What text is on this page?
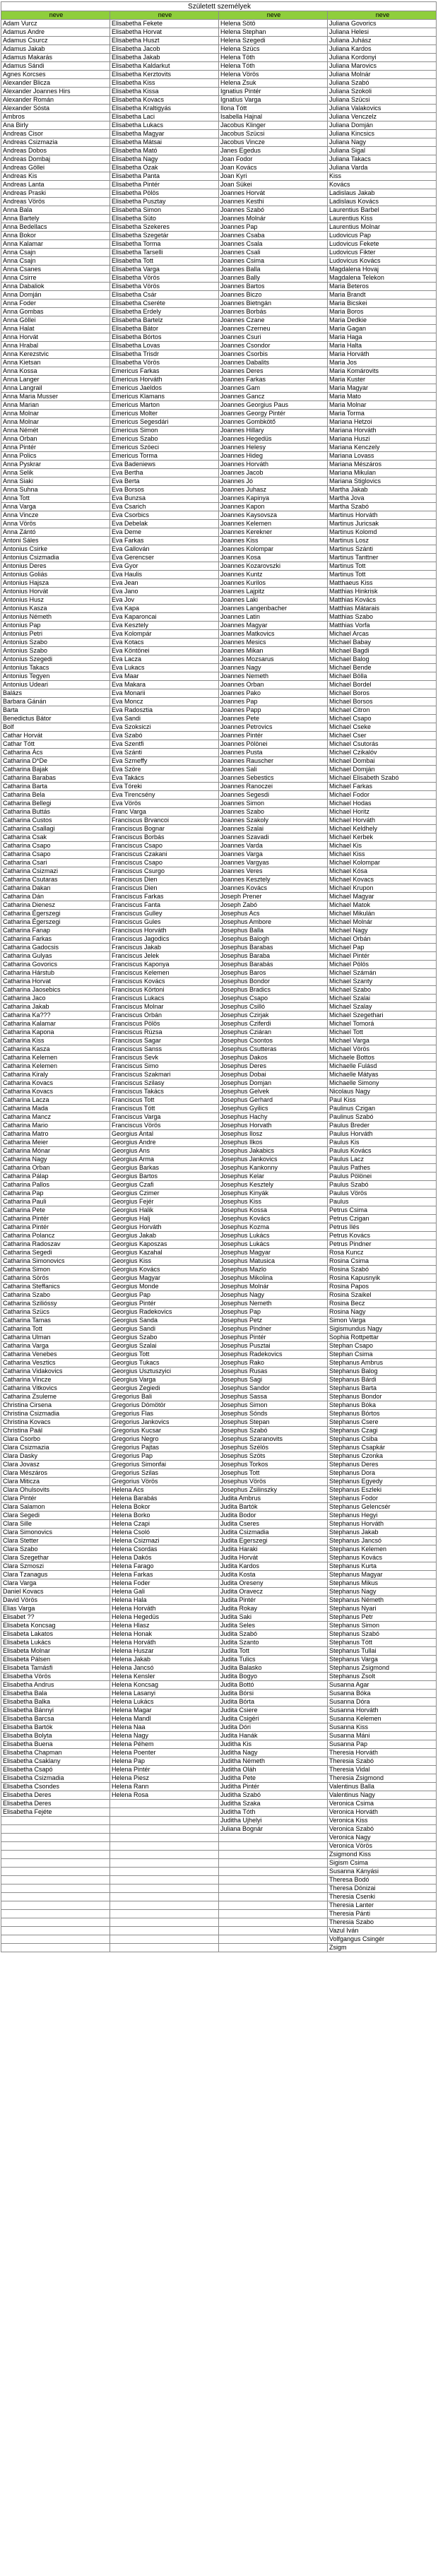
Született személyek			
neve	neve	neve	neve
Adam Vurcz	Elisabetha Fekete	Helena Sötö	Juliana Govorics
Adamus Andre	Elisabetha Horvat	Helena Stephan	Juliana Helesi
Adamus Csurcz	Elisabetha Huszt	Helena Szegedi	Juliana Juhász
Adamus Jakab	Elisabetha Jacob	Helena Szücs	Juliana Kardos
Adamus Makarás	Elisabetha Jakab	Helena Töth	Juliana Kordonyi
Adamus Sándi	Elisabetha Kaldarkut	Helena Tóth	Juliana Marovics
Agnes Korcses	Elisabetha Kerztovits	Helena Vörös	Juliana Molnár
Alexander Blicza	Elisabetha Kiss	Helena Zsuk	Juliana Szabó
Alexander Joannes Hirs	Elisabetha Kissa	Ignatius Pintér	Juliana Szokoli
Alexander Román	Elisabetha Kovacs	Ignatius Varga	Juliana Szücsi
Alexander Sósta	Elisabetha Kraltigyás	Ilona Tótt	Juliana Valakovics
Ambros	Elisabetha Laci	Isabella Hajnal	Juliana Venczelz
Ana Birly	Elisabetha Lukacs	Jacobus Klinger	Juliana Domján
Andreas Cisor	Elisabetha Magyar	Jacobus Szücsi	Juliana Kincsics
Andreas Csizmazia	Elisabetha Mátsai	Jacobus Vincze	Juliana Nagy
Andreas Dobos	Elisabetha Mató	Janes Egedus	Juliana Sigal
Andreas Dombaj	Elisabetha Nagy	Joan Fodor	Juliana Takacs
Andreas Göllei	Elisabetha Ozak	Joan Kovács	Juliana Varda
Andreas Kis	Elisabetha Panta	Joan Kyri	Kiss
Andreas Lanta	Elisabetha Pintér	Joan Sükei	Kovács
Andreas Praski	Elisabetha Pölös	Joannes Horvát	Ladislaus Jakab
Andreas Vörös	Elisabetha Pusztay	Joannes Kesthi	Ladislaus Kovács
Anna Bala	Elisabetha Simon	Joannes Szabó	Laurentius Barbel
Anna Bartely	Elisabetha Süto	Joannes Molnár	Laurentius Kiss
Anna Bedellacs	Elisabetha Szekeres	Joannes Pap	Laurentius Molnar
Anna Bokor	Elisabetha Szegetár	Joannes Csaba	Ludovicus Pap
Anna Kalamar	Elisabetha Torma	Joannes Csala	Ludovicus Fekete
Anna Csajn	Elisabetha Tarselli	Joannes Csali	Ludovicus Fikter
Anna Csajn	Elisabetha Tott	Joannes Csima	Ludovicus Kovács
Anna Csanes	Elisabetha Varga	Joannes Balla	Magdalena Hovaj
Anna Csirre	Elisabetha Vörös	Joannes Bally	Magdalena Telekon
Anna Dabaliok	Elisabetha Vörös	Joannes Bartos	Maria Beteros
Anna Domján	Elisabetha Csár	Joannes Biczo	Maria Brandt
Anna Foder	Elisabetha Cseréte	Joannes Bietngán	Maria Bicskei
Anna Gombas	Elisabetha Erdely	Joannes Borbás	Maria Boros
Anna Göllei	Elisabetha Bartelz	Joannes Czane	Maria Dedkie
Anna Halat	Elisabetha Bátor	Joannes Czerneu	Maria Gagan
Anna Horvát	Elisabetha Bórtos	Joannes Csuri	Maria Haga
Anna Hrabal	Elisabetha Lovas	Joannes Csondor	Maria Halta
Anna Kerezstvic	Elisabetha Trisdr	Joannes Csorbis	Maria Horváth
Anna Kietsan	Elisabetha Vörös	Joannes Dabalits	Maria Jos
Anna Kossa	Emericus Farkas	Joannes Deres	Maria Komárovits
Anna Langer	Emericus Horváth	Joannes Farkas	Maria Kuster
Anna Langrail	Emericus Jaeldos	Joannes Gam	Maria Magyar
Anna Maria Musser	Emericus Klamans	Joannes Gancz	Maria Mato
Anna Marian	Emericus Marton	Joannes Georgius Paus	Maria Molnar
Anna Molnar	Emericus Molter	Joannes Georgy Pintér	Maria Torma
Anna Molnar	Emericus Segesdári	Joannes Gombkötő	Mariana Hetzoi
Anna Némét	Emericus Simon	Joannes Hillary	Mariana Horváth
Anna Orban	Emericus Szabo	Joannes Hegedüs	Mariana Huszi
Anna Pintér	Emericus Szöeci	Joannes Helesy	Mariana Kenczely
Anna Polics	Emericus Torma	Joannes Hideg	Mariana Lovass
Anna Pyskrar	Eva Badeniews	Joannes Horváth	Mariana Mészáros
Anna Selik	Eva Bertha	Joannes Jacob	Mariana Mikulan
Anna Siaki	Eva Berta	Joannes Jó	Mariana Stiglovics
Anna Suhna	Eva Borsos	Joannes Juhasz	Martha Jakab
Anna Tott	Eva Bunzsa	Joannes Kapinya	Martha Jova
Anna Varga	Eva Csarich	Joannes Kapon	Martha Szabó
Anna Vincze	Eva Csorbics	Joannes Kaysovsza	Martinus Horváth
Anna Vörös	Eva Debelak	Joannes Kelemen	Martinus Juricsak
Anna Zántó	Eva Deme	Joannes Kerekner	Martinus Kolomd
Antoni Sáles	Eva Farkas	Joannes Kiss	Martinus Losz
Antonius Csirke	Eva Gallován	Joannes Kolompar	Martinus Szánti
Antonius Csizmadia	Eva Gerencser	Joannes Kosa	Martinus Tanttner
Antonius Deres	Eva Gyor	Joannes Kozarovszki	Martinus Tott
Antonius Goliás	Eva Haulis	Joannes Kuntz	Martinus Tott
Antonius Hajsza	Eva Jean	Joannes Kurilos	Matthaeus Kiss
Antonius Horvát	Eva Jano	Joannes Lajpitz	Matthias Hinkrisk
Antonius Husz	Eva Jov	Joannes Laki	Matthias Kovács
Antonius Kasza	Eva Kapa	Joannes Langenbacher	Matthias Mátarais
Antonius Németh	Eva Kaparoncai	Joannes Latin	Matthias Szabo
Antonius Pap	Eva Kesztely	Joannes Magyar	Matthias Vorfa
Antonius Petri	Eva Kolompár	Joannes Matkovics	Michael Arcas
Antonius Szabo	Eva Kotacs	Joannes Mesics	Michael Babay
Antonius Szabo	Eva Köntönei	Joannes Mikan	Michael Bagdi
Antonius Szegedi	Eva Lacza	Joannes Mozsarus	Michael Balog
Antonius Takacs	Eva Lukacs	Joannes Nagy	Michael Bende
Antonius Tegyen	Eva Maar	Joannes Nemeth	Michael Bölla
Antonius Udeari	Eva Makara	Joannes Orban	Michael Bordel
Balázs	Eva Monarii	Joannes Pako	Michael Boros
Barbara Gánán	Eva Moncz	Joannes Pap	Michael Borsos
Barta	Eva Radosztia	Joannes Papp	Michael Citron
Benedictus Bátor	Eva Sandi	Joannes Pete	Michael Csapo
Bolf	Eva Szoksiczi	Joannes Petrovics	Michael Cseke
Cathar Horvát	Eva Szabó	Joannes Pintér	Michael Cser
Cathar Tótt	Eva Szentfi	Joannes Pölönei	Michael Csutorás
Catharina Ács	Eva Szánti	Joannes Pusta	Michael Czikalóv
Catharina D*De	Eva Szmeffy	Joannes Rauscher	Michael Dombai
Catharina Bajak	Eva Szöre	Joannes Sali	Michael Domján
Catharina Barabas	Eva Takács	Joannes Sebestics	Michael Elisabeth Szabó
Catharina Barta	Eva Tóreki	Joannes Ranoczei	Michael Farkas
Catharina Bela	Eva Tirencsény	Joannes Segesdi	Michael Fodor
Catharina Bellegi	Eva Vörös	Joannes Simon	Michael Hodas
Catharina Buttás	Franc Varga	Joannes Szabo	Michael Horitz
Catharina Custos	Franciscus Brvancoi	Joannes Szakoly	Michael Horváth
Catharina Csallagi	Franciscus Bognar	Joannes Szalai	Michael Keldhely
Catharina Csak	Franciscus Borbás	Joannes Szavadi	Michael Kerbek
Catharina Csapo	Franciscus Csapo	Joannes Varda	Michael Kis
Catharina Csapo	Franciscus Czakani	Joannes Varga	Michael Kiss
Catharina Csari	Franciscus Csapo	Joannes Vargyas	Michael Kolompar
Catharina Csizmazi	Franciscus Csurgo	Joannes Veres	Michael Kósa
Catharina Csutaras	Franciscus Dien	Joannes Kesztely	Michael Kovacs
Catharina Dakan	Franciscus Dien	Joannes Kovács	Michael Krupon
Catharina Dán	Franciscus Farkas	Joseph Prener	Michael Magyar
Catharina Dienesz	Franciscus Fanta	Joseph Zabó	Michael Matok
Catharina Égerszegi	Franciscus Gulley	Josephus Acs	Michael Mikulán
Catharina Égerszegi	Franciscus Gules	Josephus Ambore	Michael Molnár
Catharina Fanap	Franciscus Horváth	Josephus Balla	Michael Nagy
Catharina Farkas	Franciscus Jagodics	Josephus Balogh	Michael Orbán
Catharina Gadocsis	Franciscus Jakab	Josephus Barabas	Michael Pap
Catharina Gulyas	Franciscus Jelek	Josephus Baraba	Michael Pintér
Catharina Govorics	Franciscus Kaponya	Josephus Barabás	Michael Pölös
Catharina Hárstub	Franciscus Kelemen	Josephus Baros	Michael Számán
Catharina Horvat	Franciscus Kovács	Josephus Bondor	Michael Szanty
Catharina Jaosebics	Franciscus Körtoni	Josephus Bradics	Michael Szabo
Catharina Jaco	Franciscus Lukacs	Josephus Csapo	Michael Szalai
Catharina Jakab	Franciscus Molnar	Josephus Csilló	Michael Szalay
Catharina Ka???	Franciscus Orbán	Josephus Czirjak	Michael Szegethari
Catharina Kalamar	Franciscus Pölös	Josephus Cziferdi	Michael Tomorá
Catharina Kapona	Franciscus Rúzsa	Josephus Cziáran	Michael Tott
Catharina Kiss	Franciscus Sagar	Josephus Csontos	Michael Varga
Catharina Kasza	Franciscus Sanss	Josephus Csutteras	Michael Vörös
Catharina Kelemen	Franciscus Sevk	Josephus Dakos	Michaele Bottos
Catharina Kelemen	Franciscus Simo	Josephus Deres	Michaelle Fulásd
Catharina Kiraly	Franciscus Szakmari	Josephus Dobai	Michaelle Mátyas
Catharina Kovacs	Franciscus Szilasy	Josephus Domjan	Michaelle Simony
Catharina Kovacs	Franciscus Takács	Josephus Gelvek	Nicolaus Nagy
Catharina Lacza	Franciscus Tott	Josephus Gerhard	Paul Kiss
Catharina Mada	Franciscus Tótt	Josephus Gyilics	Paulinus Czigan
Catharina Mancz	Franciscus Varga	Josephus Hachy	Paulinus Szabó
Catharina Mario	Franciscus Vörös	Josephus Horvath	Paulus Breder
Catharina Matro	Georgius Antal	Josephus Ilosz	Paulus Horváth
Catharina Meier	Georgius Andre	Josephus Ilkos	Paulus Kis
Catharina Mónar	Georgius Ans	Josephus Jakabics	Paulus Kovács
Catharina Nagy	Georgius Arma	Josephus Jankovics	Paulus Lacz
Catharina Orban	Georgius Barkas	Josephus Kankonny	Paulus Pathes
Catharina Pálap	Georgius Bartos	Josephus Kelar	Paulus Pölönei
Catharina Pallos	Georgius Czafi	Josephus Kesztely	Paulus Szabó
Catharina Pap	Georgius Czimer	Josephus Kinyák	Paulus Vörös
Catharina Pauli	Georgius Fejér	Josephus Kiss	Paulus
Catharina Pete	Georgius Halik	Josephus Kossa	Petrus Csima
Catharina Pintér	Georgius Halj	Josephus Kovács	Petrus Czigan
Catharina Pintér	Georgius Horváth	Josephus Kozma	Petrus Ilés
Catharina Polancz	Georgius Jakab	Josephus Lukács	Petrus Kovács
Catharina Radoszav	Georgius Kaposzas	Josephus Lukács	Petrus Pindner
Catharina Segedi	Georgius Kazahal	Josephus Magyar	Rosa Kuncz
Catharina Simonovics	Georgius Kiss	Josephus Matusica	Rosina Csima
Catharina Simon	Georgius Kovács	Josephus Mazlo	Rosina Szabó
Catharina Sörös	Georgius Magyar	Josephus Mikolina	Rosina Kapusnyik
Catharina Steffanics	Georgius Monde	Josephus Molnár	Rosina Papos
Catharina Szabo	Georgius Pap	Josephus Nagy	Rosina Szaikel
Catharina Szilióssy	Georgius Pintér	Josephus Nemeth	Rosina Becz
Catharina Szücs	Georgius Radekovics	Josephus Pap	Rosina Nagy
Catharina Tamas	Georgius Sanda	Josephus Petz	Simon Varga
Catharina Tott	Georgius Sandi	Josephus Pindner	Sigismundus Nagy
Catharina Ulman	Georgius Szabo	Josephus Pintér	Sophia Rottpettar
Catharina Varga	Georgius Szalai	Josephus Pusztai	Stephan Csapo
Catharina Venebes	Georgius Tott	Josephus Radekovics	Stephan Csima
Catharina Vesztics	Georgius Tukacs	Josephus Rako	Stephanus Ambrus
Catharina Vidakovics	Georgius Usztuszyici	Josephus Rusas	Stephanus Balog
Catharina Vincze	Georgius Varga	Josephus Sagi	Stephanus Bárdi
Catharina Vitkovics	Georgius Zegiedi	Josephus Sandor	Stephanus Barta
Catharina Zsuleme	Gregorius Bali	Josephus Sassa	Stephanus Bondor
Christina Cirsena	Gregorius Dömötör	Josephus Simon	Stephanus Bóka
Christina Csizmadia	Gregorius Flas	Josephus Sónds	Stephanus Bórtos
Christina Kovacs	Gregorius Jankovics	Josephus Stepan	Stephanus Csere
Christina Paál	Gregorius Kucsar	Josephus Szabó	Stephanus Czagi
Clara Csorbo	Gregorius Negro	Josephus Szaranovits	Stephanus Csiba
Clara Csizmazia	Gregorius Pajtas	Josephus Szélós	Stephanus Csapkár
Clara Dasky	Gregorius Pap	Josephus Szöts	Stephanus Czonka
Clara Jovasz	Gregorius Simonfai	Josephus Torkos	Stephanus Deres
Clara Mészáros	Gregorius Szilas	Josephus Tott	Stephanus Dora
Clara Miticza	Gregorius Vörös	Josephus Vörös	Stephanus Egyedy
Clara Ohulsovits	Helena Acs	Josephus Zsilinszky	Stephanus Eszleki
Clara Pintér	Helena Barabás	Judita Ambrus	Stephanus Fodor
Clara Salamon	Helena Bokor	Judita Bartók	Stephanus Gelencsér
Clara Segedi	Helena Borko	Judita Bodor	Stephanus Hegyi
Clara Sille	Helena Czapi	Judita Cseres	Stephanus Horváth
Clara Simonovics	Helena Csoló	Judita Csizmadia	Stephanus Jakab
Clara Stetter	Helena Csizmazi	Judita Egerszegi	Stephanus Jancsó
Clara Szabo	Helena Csordas	Judita Haraki	Stephanus Kelemen
Clara Szegethar	Helena Dakós	Judita Horvát	Stephanus Kovács
Clara Szmoszi	Helena Farago	Judita Kardos	Stephanus Kurta
Clara Tzanagus	Helena Farkas	Judita Kosta	Stephanus Magyar
Clara Varga	Helena Foder	Judita Oreseny	Stephanus Mikus
Daniel Kovacs	Helena Gali	Judita Oravecz	Stephanus Nagy
David Vörös	Helena Hala	Judita Pintér	Stephanus Németh
Elias Varga	Helena Horváth	Judita Rokay	Stephanus Nyari
Elisabet ??	Helena Hegedüs	Judita Saki	Stephanus Petr
Elisabeta Koncsag	Helena Hlasz	Judita Seles	Stephanus Simon
Elisabeta Lakatos	Helena Honak	Judita Szabó	Stephanus Szabó
Elisabeta Lukács	Helena Horváth	Judita Szanto	Stephanus Tótt
Elisabeta Molnar	Helena Huszar	Judita Tott	Stephanus Tullai
Elisabeta Pálsen	Helena Jakab	Judita Tulics	Stephanus Varga
Elisabeta Tamásfi	Helena Jancsó	Judita Balasko	Stephanus Zsigmond
Elisabetha Vörös	Helena Kensler	Judita Bogyo	Stephanus Zsolt
Elisabetha Andrus	Helena Koncsag	Judita Bottó	Susanna Agar
Elisabetha Bala	Helena Lasanyi	Judita Bórsi	Susanna Bóka
Elisabetha Balka	Helena Lukács	Judita Bórta	Susanna Dóra
Elisabetha Bánnyi	Helena Magar	Judita Csiere	Susanna Horváth
Elisabetha Barcsa	Helena Mandl	Judita Csigéri	Susanna Kelemen
Elisabetha Bartók	Helena Naa	Judita Dóri	Susanna Kiss
Elisabetha Bolyta	Helena Nagy	Judita Hanák	Susanna Máni
Elisabetha Buena	Helena Péhem	Juditha Kis	Susanna Pap
Elisabetha Chapman	Helena Poenter	Juditha Nagy	Theresia Horváth
Elisabetha Csaklany	Helena Pap	Juditha Németh	Theresia Szabó
Elisabetha Csapó	Helena Pintér	Juditha Oláh	Theresia Vidal
Elisabetha Csizmadia	Helena Piesz	Juditha Pete	Theresia Zsigmond
Elisabetha Csondes	Helena Rann	Juditha Pintér	Valentinus Balla
Elisabetha Deres	Helena Rosa	Juditha Szabó	Valentinus Nagy
Elisabetha Deres		Juditha Szaka	Veronica Csima
Elisabetha Fejéte		Juditha Tóth	Veronica Horváth
		Juditha Ujhelyi	Veronica Kiss
		Juliana Bognár	Veronica Szabó
			Veronica Nagy
			Veronica Vörös
			Zsigmond Kiss
			Sigism Csima
			Susanna Kányási
			Theresa Bodó
			Theresa Dónizai
			Theresia Csenki
			Theresia Lanter
			Theresia Pánti
			Theresia Szabo
			Vazul Iván
			Volfgangus Csingér
			Zsigm
